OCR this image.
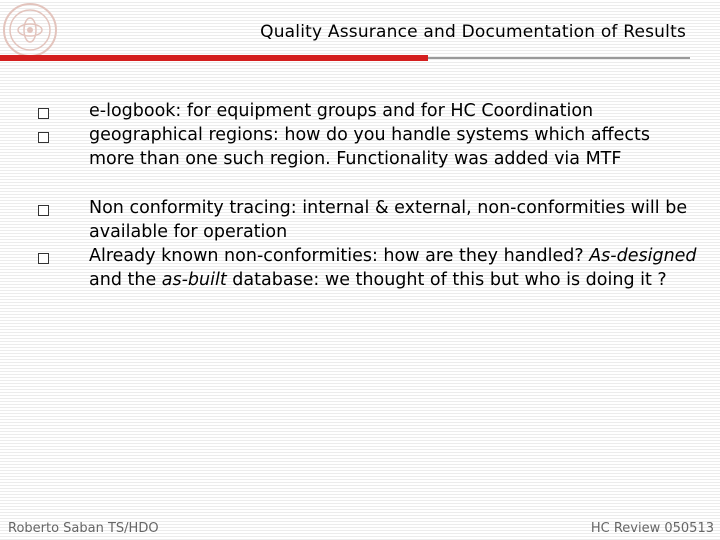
Quality Assurance and Documentation of Results
e-logbook: for equipment groups and for HC Coordination
geographical regions: how do you handle systems which affects more than one such region. Functionality was added via MTF
Non conformity tracing: internal & external, non-conformities will be available for operation
Already known non-conformities: how are they handled? As-designed and the as-built database: we thought of this but who is doing it ?
Roberto Saban TS/HDO	HC Review 050513
